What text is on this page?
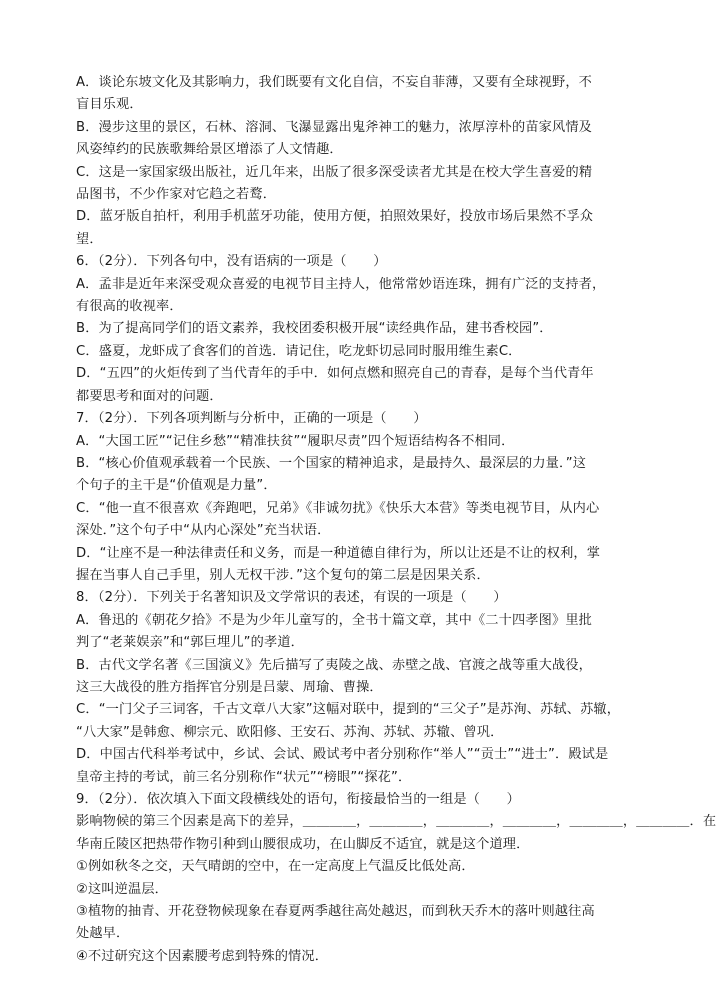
A．谈论东坡文化及其影响力，我们既要有文化自信，不妄自菲薄，又要有全球视野，不
盲目乐观．
B．漫步这里的景区，石林、溶洞、飞瀑显露出鬼斧神工的魅力，浓厚淳朴的苗家风情及
风姿绰约的民族歌舞给景区增添了人文情趣．
C．这是一家国家级出版社，近几年来，出版了很多深受读者尤其是在校大学生喜爱的精
品图书，不少作家对它趋之若鹜．
D．蓝牙版自拍杆，利用手机蓝牙功能，使用方便，拍照效果好，投放市场后果然不孚众
望．
6．（2分）．下列各句中，没有语病的一项是（　　）
A．孟非是近年来深受观众喜爱的电视节目主持人，他常常妙语连珠，拥有广泛的支持者，
有很高的收视率．
B．为了提高同学们的语文素养，我校团委积极开展“读经典作品，建书香校园”．
C．盛夏，龙虾成了食客们的首选．请记住，吃龙虾切忌同时服用维生素C．
D．“五四”的火炬传到了当代青年的手中．如何点燃和照亮自己的青春，是每个当代青年
都要思考和面对的问题．
7．（2分）．下列各项判断与分析中，正确的一项是（　　）
A．“大国工匠”“记住乡愁”“精准扶贫”“履职尽责”四个短语结构各不相同．
B．“核心价值观承载着一个民族、一个国家的精神追求，是最持久、最深层的力量．”这
个句子的主干是“价值观是力量”．
C．“他一直不很喜欢《奔跑吧，兄弟》《非诚勿扰》《快乐大本营》等类电视节目，从内心
深处．”这个句子中“从内心深处”充当状语．
D．“让座不是一种法律责任和义务，而是一种道德自律行为，所以让还是不让的权利，掌
握在当事人自己手里，别人无权干涉．”这个复句的第二层是因果关系．
8．（2分）．下列关于名著知识及文学常识的表述，有误的一项是（　　）
A．鲁迅的《朝花夕拾》不是为少年儿童写的，全书十篇文章，其中《二十四孝图》里批
判了“老莱娱亲”和“郭巨埋儿”的孝道．
B．古代文学名著《三国演义》先后描写了夷陵之战、赤壁之战、官渡之战等重大战役，
这三大战役的胜方指挥官分别是吕蒙、周瑜、曹操．
C．“一门父子三词客，千古文章八大家”这幅对联中，提到的“三父子”是苏洵、苏轼、苏辙，
“八大家”是韩愈、柳宗元、欧阳修、王安石、苏洵、苏轼、苏辙、曾巩．
D．中国古代科举考试中，乡试、会试、殿试考中者分别称作“举人”“贡士”“进士”．殿试是
皇帝主持的考试，前三名分别称作“状元”“榜眼”“探花”．
9．（2分）．依次填入下面文段横线处的语句，衔接最恰当的一组是（　　）
影响物候的第三个因素是高下的差异，＿＿＿＿，＿＿＿＿，＿＿＿＿，＿＿＿＿，＿＿＿＿，＿＿＿＿．在
华南丘陵区把热带作物引种到山腰很成功，在山脚反不适宜，就是这个道理．
①例如秋冬之交，天气晴朗的空中，在一定高度上气温反比低处高．
②这叫逆温层．
③植物的抽青、开花登物候现象在春夏两季越往高处越迟，而到秋天乔木的落叶则越往高
处越早．
④不过研究这个因素腰考虑到特殊的情况．
